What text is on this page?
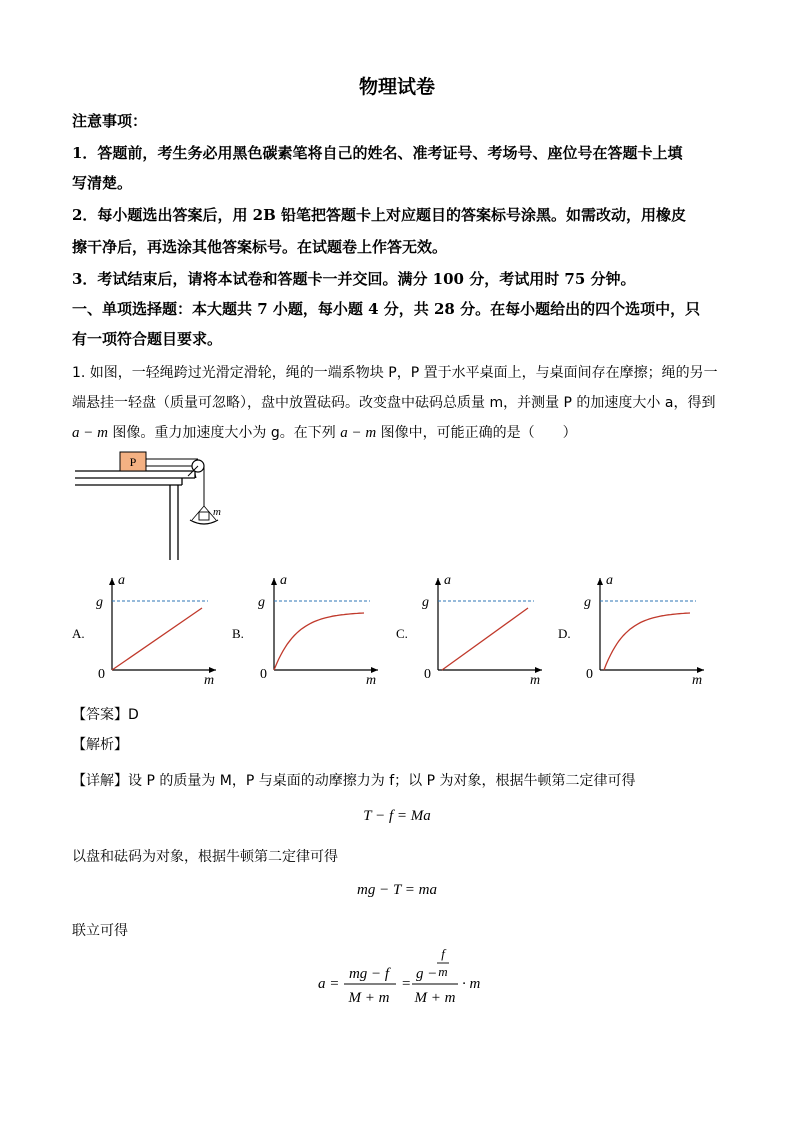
物理试卷
注意事项：
1．答题前，考生务必用黑色碳素笔将自己的姓名、准考证号、考场号、座位号在答题卡上填
写清楚。
2．每小题选出答案后，用 2B 铅笔把答题卡上对应题目的答案标号涂黑。如需改动，用橡皮
擦干净后，再选涂其他答案标号。在试题卷上作答无效。
3．考试结束后，请将本试卷和答题卡一并交回。满分 100 分，考试用时 75 分钟。
一、单项选择题：本大题共 7 小题，每小题 4 分，共 28 分。在每小题给出的四个选项中，只
有一项符合题目要求。
1. 如图，一轻绳跨过光滑定滑轮，绳的一端系物块 P，P 置于水平桌面上，与桌面间存在摩擦；绳的另一
端悬挂一轻盘（质量可忽略），盘中放置砝码。改变盘中砝码总质量 m，并测量 P 的加速度大小 a，得到
a − m 图像。重力加速度大小为 g。在下列 a − m 图像中，可能正确的是（　　）
P
m
A.	B.	C.	D.
a
g
0	m
a
g
0	m
a
g
0	m
a
g
0	m
【答案】D
【解析】
【详解】设 P 的质量为 M，P 与桌面的动摩擦力为 f；以 P 为对象，根据牛顿第二定律可得
T − f = Ma
以盘和砝码为对象，根据牛顿第二定律可得
mg − T = ma
联立可得
a =
mg − f
M + m
=
g −
f
m
M + m
· m
